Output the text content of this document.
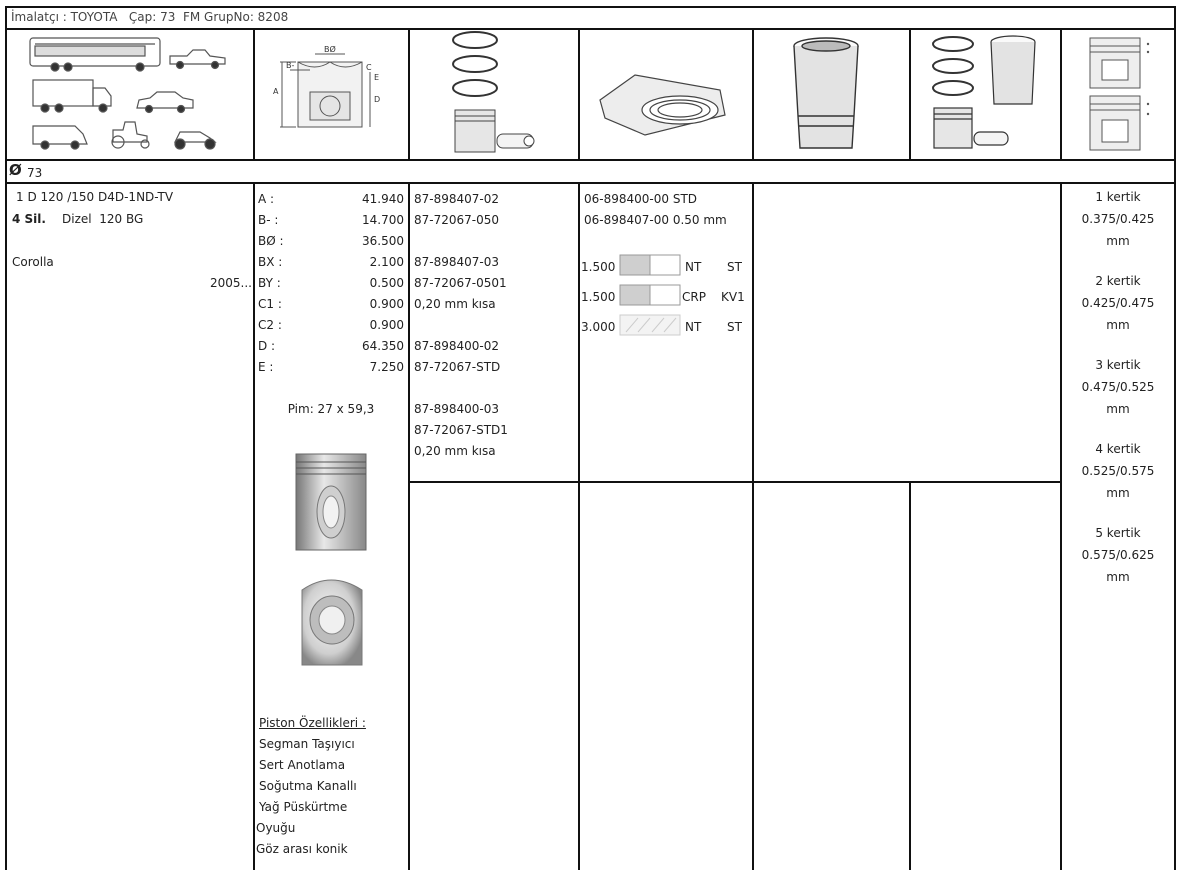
İmalatçı : TOYOTA   Çap: 73  FM GrupNo: 8208
A
D
BØ
B-	C
E
Ø 73
1 D 120 /150 D4D-1ND-TV
4 Sil. Dizel  120 BG
Corolla
2005...
A :	41.940
B- :	14.700
BØ :	36.500
BX :	2.100
BY :	0.500
C1 :	0.900
C2 :	0.900
D :	64.350
E :	7.250
Pim: 27 x 59,3
Piston Özellikleri :
Segman Taşıyıcı
Sert Anotlama
Soğutma Kanallı
Yağ Püskürtme
Oyuğu
Göz arası konik
87-898407-02
87-72067-050
87-898407-03
87-72067-0501
0,20 mm kısa
87-898400-02
87-72067-STD
87-898400-03
87-72067-STD1
0,20 mm kısa
06-898400-00 STD
06-898407-00 0.50 mm
1.500	NT ST
1.500	CRP KV1
3.000	NT ST
1 kertik
0.375/0.425
mm
2 kertik
0.425/0.475
mm
3 kertik
0.475/0.525
mm
4 kertik
0.525/0.575
mm
5 kertik
0.575/0.625
mm
